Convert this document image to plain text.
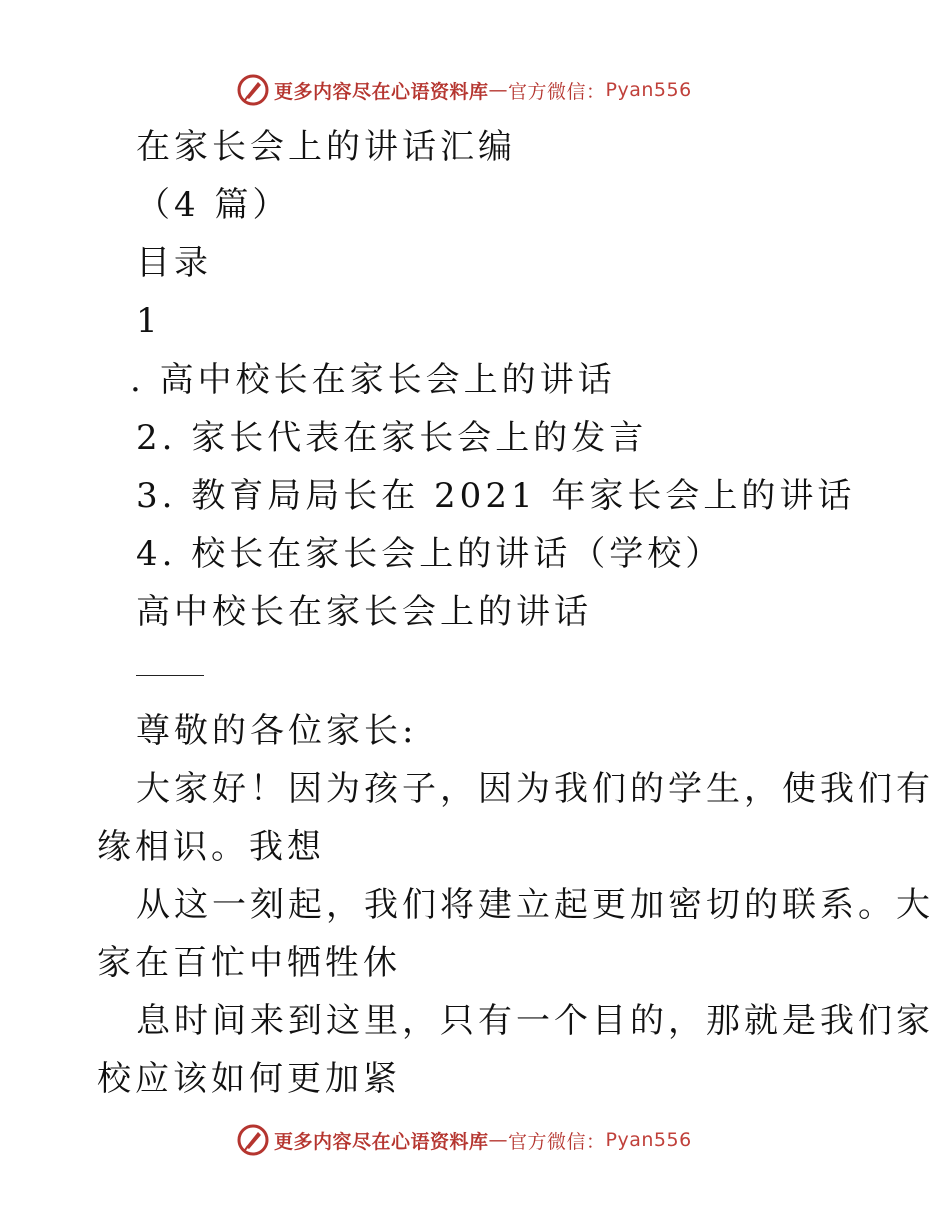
更多内容尽在心语资料库 — 官方微信： Pyan556
在家长会上的讲话汇编
（4 篇）
目录
1
. 高中校长在家长会上的讲话
2. 家长代表在家长会上的发言
3. 教育局局长在 2021 年家长会上的讲话
4. 校长在家长会上的讲话（学校）
高中校长在家长会上的讲话
尊敬的各位家长:
大家好！因为孩子，因为我们的学生，使我们有
缘相识。我想
从这一刻起，我们将建立起更加密切的联系。大
家在百忙中牺牲休
息时间来到这里，只有一个目的，那就是我们家
校应该如何更加紧
更多内容尽在心语资料库 — 官方微信： Pyan556
